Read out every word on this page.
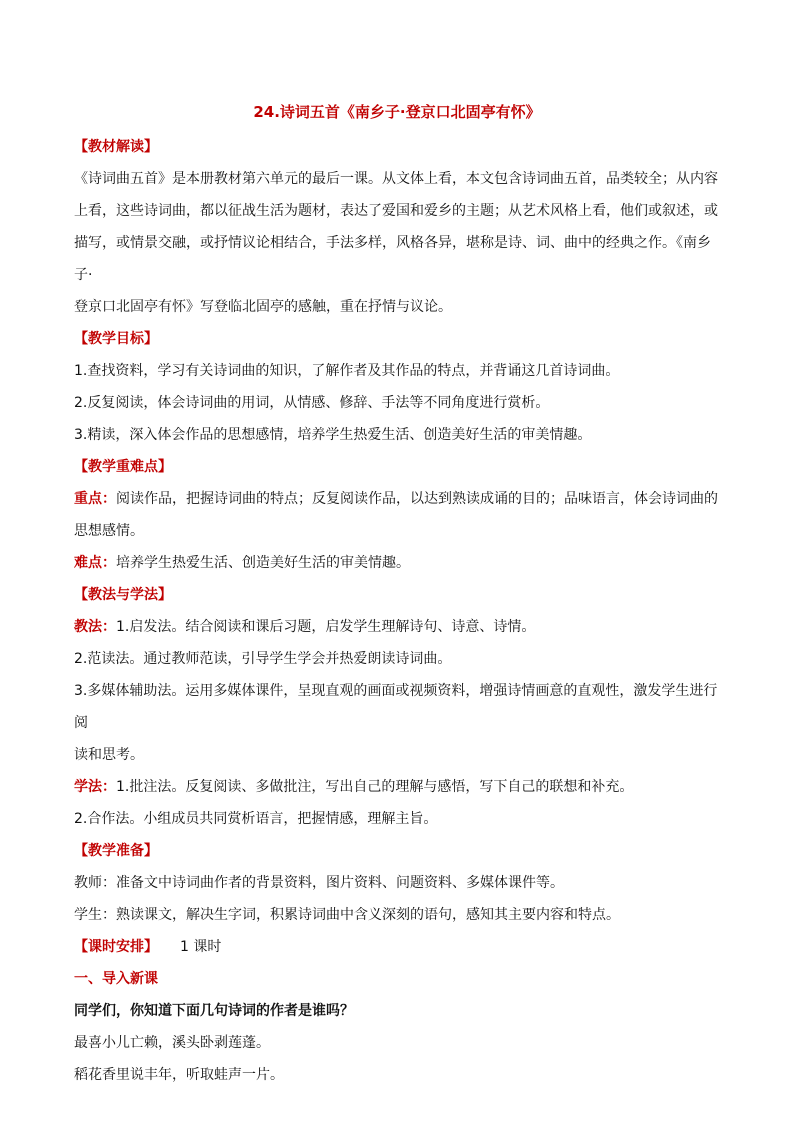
24.诗词五首《南乡子·登京口北固亭有怀》

【教材解读】

《诗词曲五首》是本册教材第六单元的最后一课。从文体上看，本文包含诗词曲五首，品类较全；从内容

上看，这些诗词曲，都以征战生活为题材，表达了爱国和爱乡的主题；从艺术风格上看，他们或叙述，或

描写，或情景交融，或抒情议论相结合，手法多样，风格各异，堪称是诗、词、曲中的经典之作。《南乡子·

登京口北固亭有怀》写登临北固亭的感触，重在抒情与议论。

【教学目标】

1.查找资料，学习有关诗词曲的知识，了解作者及其作品的特点，并背诵这几首诗词曲。

2.反复阅读，体会诗词曲的用词，从情感、修辞、手法等不同角度进行赏析。

3.精读，深入体会作品的思想感情，培养学生热爱生活、创造美好生活的审美情趣。

【教学重难点】

重点：阅读作品，把握诗词曲的特点；反复阅读作品，以达到熟读成诵的目的；品味语言，体会诗词曲的

思想感情。

难点：培养学生热爱生活、创造美好生活的审美情趣。

【教法与学法】

教法：1.启发法。结合阅读和课后习题，启发学生理解诗句、诗意、诗情。

2.范读法。通过教师范读，引导学生学会并热爱朗读诗词曲。

3.多媒体辅助法。运用多媒体课件，呈现直观的画面或视频资料，增强诗情画意的直观性，激发学生进行阅

读和思考。

学法：1.批注法。反复阅读、多做批注，写出自己的理解与感悟，写下自己的联想和补充。

2.合作法。小组成员共同赏析语言，把握情感，理解主旨。

【教学准备】

教师：准备文中诗词曲作者的背景资料，图片资料、问题资料、多媒体课件等。

学生：熟读课文，解决生字词，积累诗词曲中含义深刻的语句，感知其主要内容和特点。

【课时安排】 1 课时

一、导入新课

同学们，你知道下面几句诗词的作者是谁吗？

最喜小儿亡赖，溪头卧剥莲蓬。

稻花香里说丰年，听取蛙声一片。
